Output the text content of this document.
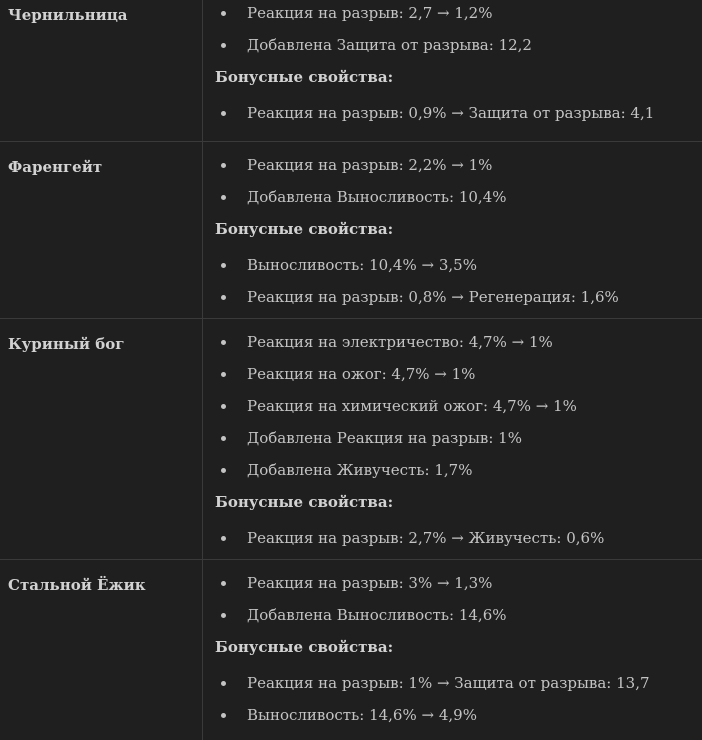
Чернильница	Реакция на разрыв: 2,7 → 1,2%
Добавлена Защита от разрыва: 12,2
Бонусные свойства:
Реакция на разрыв: 0,9% → Защита от разрыва: 4,1
Фаренгейт	Реакция на разрыв: 2,2% → 1%
Добавлена Выносливость: 10,4%
Бонусные свойства:
Выносливость: 10,4% → 3,5%
Реакция на разрыв: 0,8% → Регенерация: 1,6%
Куриный бог	Реакция на электричество: 4,7% → 1%
Реакция на ожог: 4,7% → 1%
Реакция на химический ожог: 4,7% → 1%
Добавлена Реакция на разрыв: 1%
Добавлена Живучесть: 1,7%
Бонусные свойства:
Реакция на разрыв: 2,7% → Живучесть: 0,6%
Стальной Ёжик	Реакция на разрыв: 3% → 1,3%
Добавлена Выносливость: 14,6%
Бонусные свойства:
Реакция на разрыв: 1% → Защита от разрыва: 13,7
Выносливость: 14,6% → 4,9%
